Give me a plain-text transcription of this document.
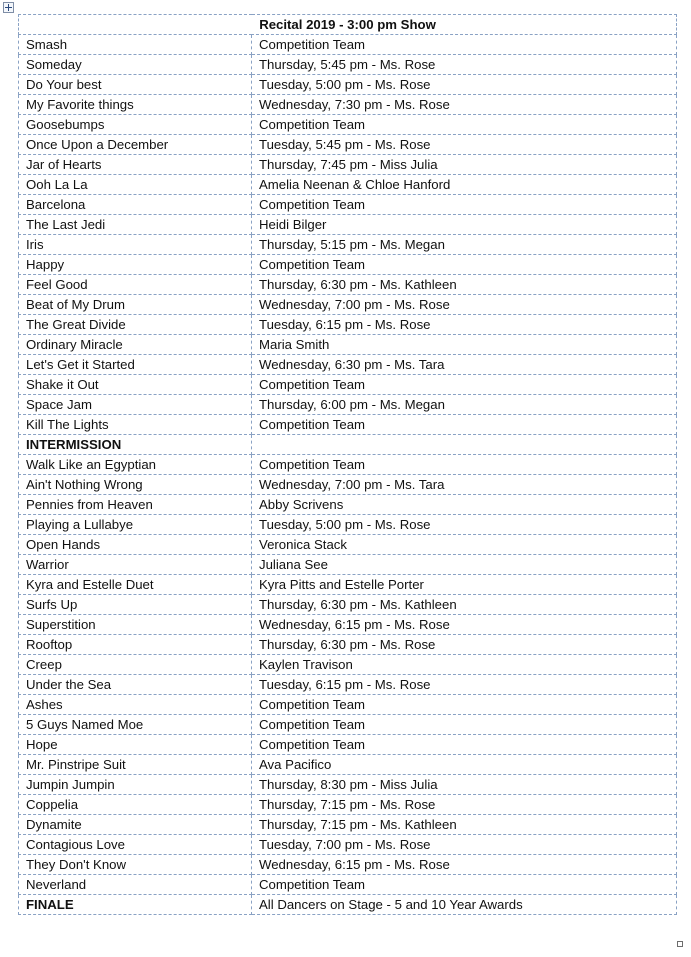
Recital 2019 - 3:00 pm Show	
Smash	Competition Team
Someday	Thursday, 5:45 pm - Ms. Rose
Do Your best	Tuesday, 5:00 pm - Ms. Rose
My Favorite things	Wednesday, 7:30 pm - Ms. Rose
Goosebumps	Competition Team
Once Upon a December	Tuesday, 5:45 pm - Ms. Rose
Jar of Hearts	Thursday, 7:45 pm - Miss Julia
Ooh La La	Amelia Neenan & Chloe Hanford
Barcelona	Competition Team
The Last Jedi	Heidi Bilger
Iris	Thursday, 5:15 pm - Ms. Megan
Happy	Competition Team
Feel Good	Thursday, 6:30 pm - Ms. Kathleen
Beat of My Drum	Wednesday, 7:00 pm - Ms. Rose
The Great Divide	Tuesday, 6:15 pm - Ms. Rose
Ordinary Miracle	Maria Smith
Let's Get it Started	Wednesday, 6:30 pm - Ms. Tara
Shake it Out	Competition Team
Space Jam	Thursday, 6:00 pm - Ms. Megan
Kill The Lights	Competition Team
INTERMISSION	
Walk Like an Egyptian	Competition Team
Ain't Nothing Wrong	Wednesday, 7:00 pm - Ms. Tara
Pennies from Heaven	Abby Scrivens
Playing a Lullabye	Tuesday, 5:00 pm - Ms. Rose
Open Hands	Veronica Stack
Warrior	Juliana See
Kyra and Estelle Duet	Kyra Pitts and Estelle Porter
Surfs Up	Thursday, 6:30 pm - Ms. Kathleen
Superstition	Wednesday, 6:15 pm - Ms. Rose
Rooftop	Thursday, 6:30 pm - Ms. Rose
Creep	Kaylen Travison
Under the Sea	Tuesday, 6:15 pm - Ms. Rose
Ashes	Competition Team
5 Guys Named Moe	Competition Team
Hope	Competition Team
Mr. Pinstripe Suit	Ava Pacifico
Jumpin Jumpin	Thursday, 8:30 pm - Miss Julia
Coppelia	Thursday, 7:15 pm - Ms. Rose
Dynamite	Thursday, 7:15 pm - Ms. Kathleen
Contagious Love	Tuesday, 7:00 pm - Ms. Rose
They Don't Know	Wednesday, 6:15 pm - Ms. Rose
Neverland	Competition Team
FINALE	All Dancers on Stage - 5 and 10 Year Awards
